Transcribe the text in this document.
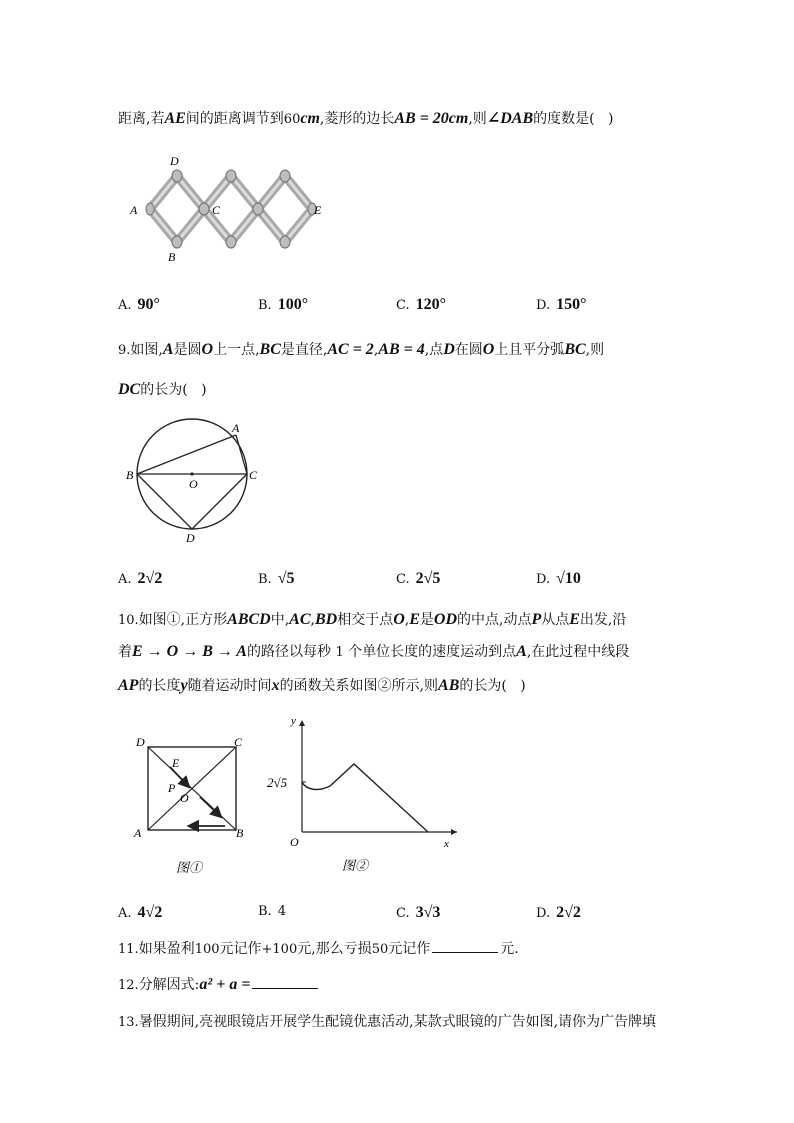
距离,若AE间的距离调节到60cm,菱形的边长AB = 20cm,则∠DAB的度数是( )
D
A	C	E
B
A. 90°	B. 100°	C. 120°	D. 150°
9.如图,A是圆O上一点,BC是直径,AC = 2,AB = 4,点D在圆O上且平分弧BC,则
DC的长为( )
A
B	C
O
D
A. 2√2	B. √5	C. 2√5	D. √10
10.如图①,正方形ABCD中,AC,BD相交于点O,E是OD的中点,动点P从点E出发,沿
着E → O → B → A的路径以每秒 1 个单位长度的速度运动到点A,在此过程中线段
AP的长度y随着运动时间x的函数关系如图②所示,则AB的长为( )
D	C
A	B
E
P
O
图①
y
x
O
2√5
图②
A. 4√2	B. 4	C. 3√3	D. 2√2
11.如果盈利100元记作+100元,那么亏损50元记作	元.
12.分解因式:a² + a =
13.暑假期间,亮视眼镜店开展学生配镜优惠活动,某款式眼镜的广告如图,请你为广告牌填
